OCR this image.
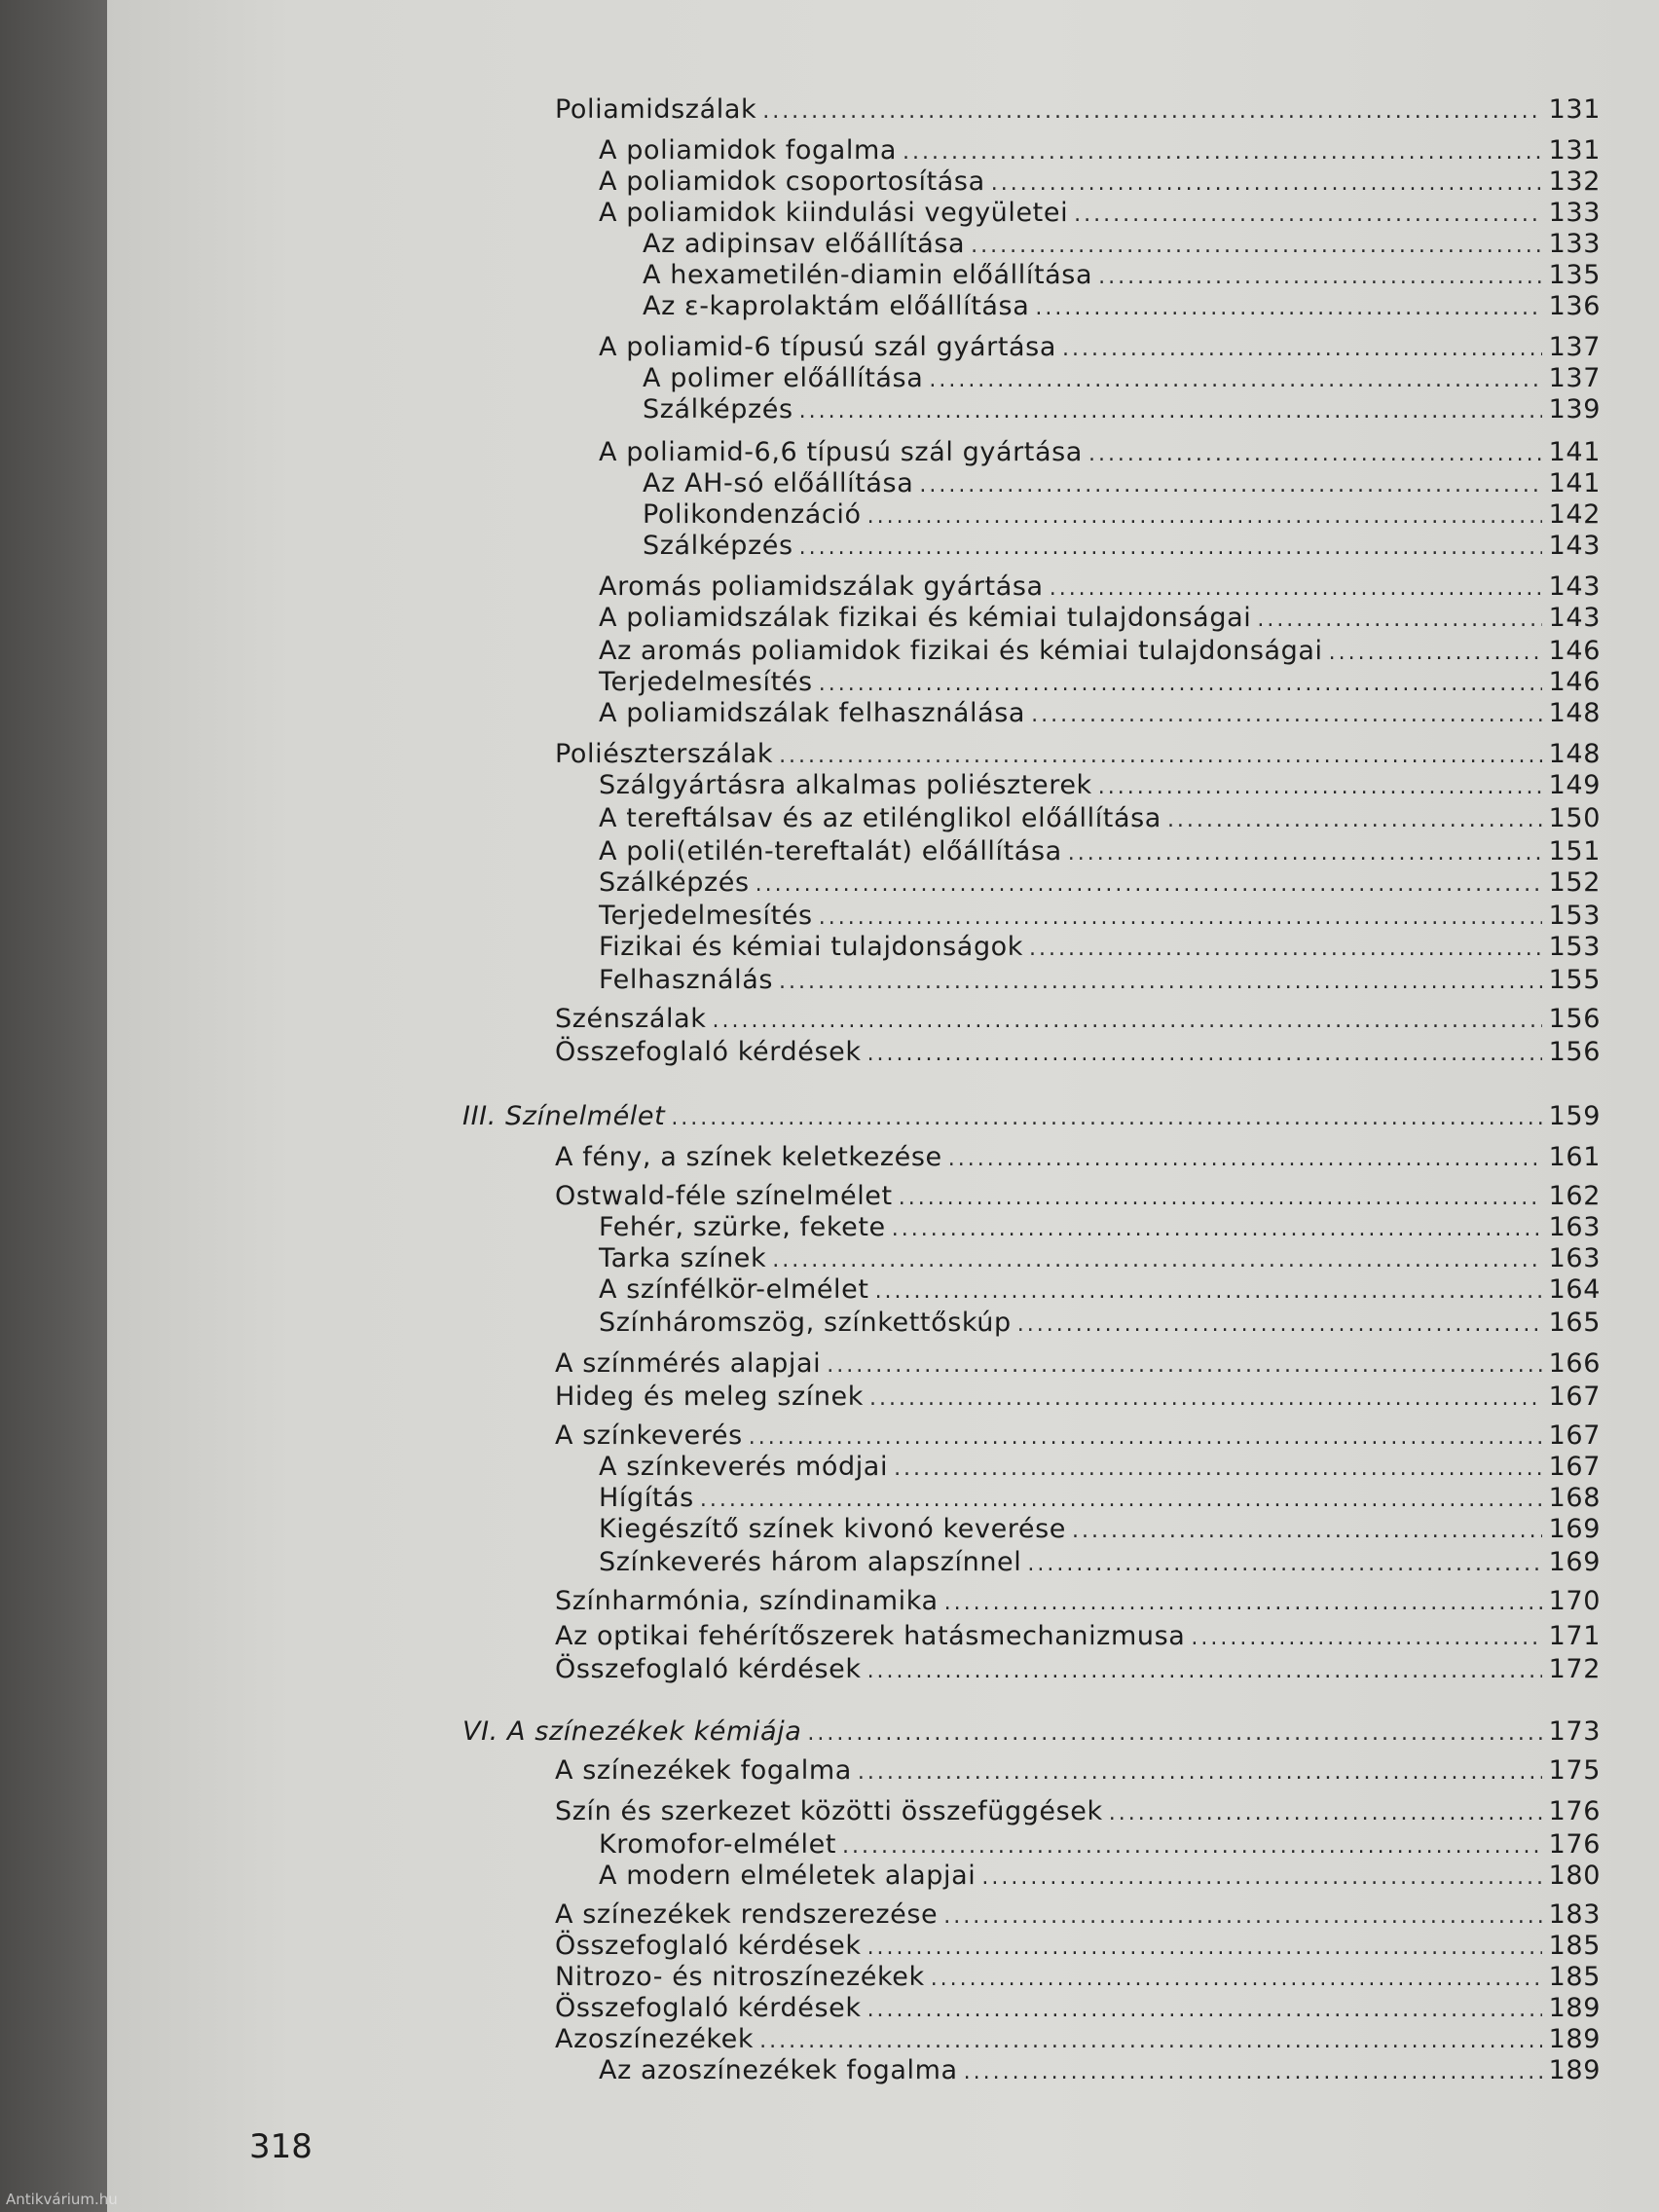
Poliamidszálak .....	131
A poliamidok fogalma .....	131
A poliamidok csoportosítása .....	132
A poliamidok kiindulási vegyületei .....	133
Az adipinsav előállítása .....	133
A hexametilén-diamin előállítása .....	135
Az ε-kaprolaktám előállítása .....	136
A poliamid-6 típusú szál gyártása .....	137
A polimer előállítása .....	137
Szálképzés .....	139
A poliamid-6,6 típusú szál gyártása .....	141
Az AH-só előállítása .....	141
Polikondenzáció .....	142
Szálképzés .....	143
Aromás poliamidszálak gyártása .....	143
A poliamidszálak fizikai és kémiai tulajdonságai .....	143
Az aromás poliamidok fizikai és kémiai tulajdonságai .....	146
Terjedelmesítés .....	146
A poliamidszálak felhasználása .....	148
Poliészterszálak .....	148
Szálgyártásra alkalmas poliészterek .....	149
A tereftálsav és az etilénglikol előállítása .....	150
A poli(etilén-tereftalát) előállítása .....	151
Szálképzés .....	152
Terjedelmesítés .....	153
Fizikai és kémiai tulajdonságok .....	153
Felhasználás .....	155
Szénszálak .....	156
Összefoglaló kérdések .....	156
III. Színelmélet .....	159
A fény, a színek keletkezése .....	161
Ostwald-féle színelmélet .....	162
Fehér, szürke, fekete .....	163
Tarka színek .....	163
A színfélkör-elmélet .....	164
Színháromszög, színkettőskúp .....	165
A színmérés alapjai .....	166
Hideg és meleg színek .....	167
A színkeverés .....	167
A színkeverés módjai .....	167
Hígítás .....	168
Kiegészítő színek kivonó keverése .....	169
Színkeverés három alapszínnel .....	169
Színharmónia, színdinamika .....	170
Az optikai fehérítőszerek hatásmechanizmusa .....	171
Összefoglaló kérdések .....	172
VI. A színezékek kémiája .....	173
A színezékek fogalma .....	175
Szín és szerkezet közötti összefüggések .....	176
Kromofor-elmélet .....	176
A modern elméletek alapjai .....	180
A színezékek rendszerezése .....	183
Összefoglaló kérdések .....	185
Nitrozo- és nitroszínezékek .....	185
Összefoglaló kérdések .....	189
Azoszínezékek .....	189
Az azoszínezékek fogalma .....	189
318
Antikvárium.hu
